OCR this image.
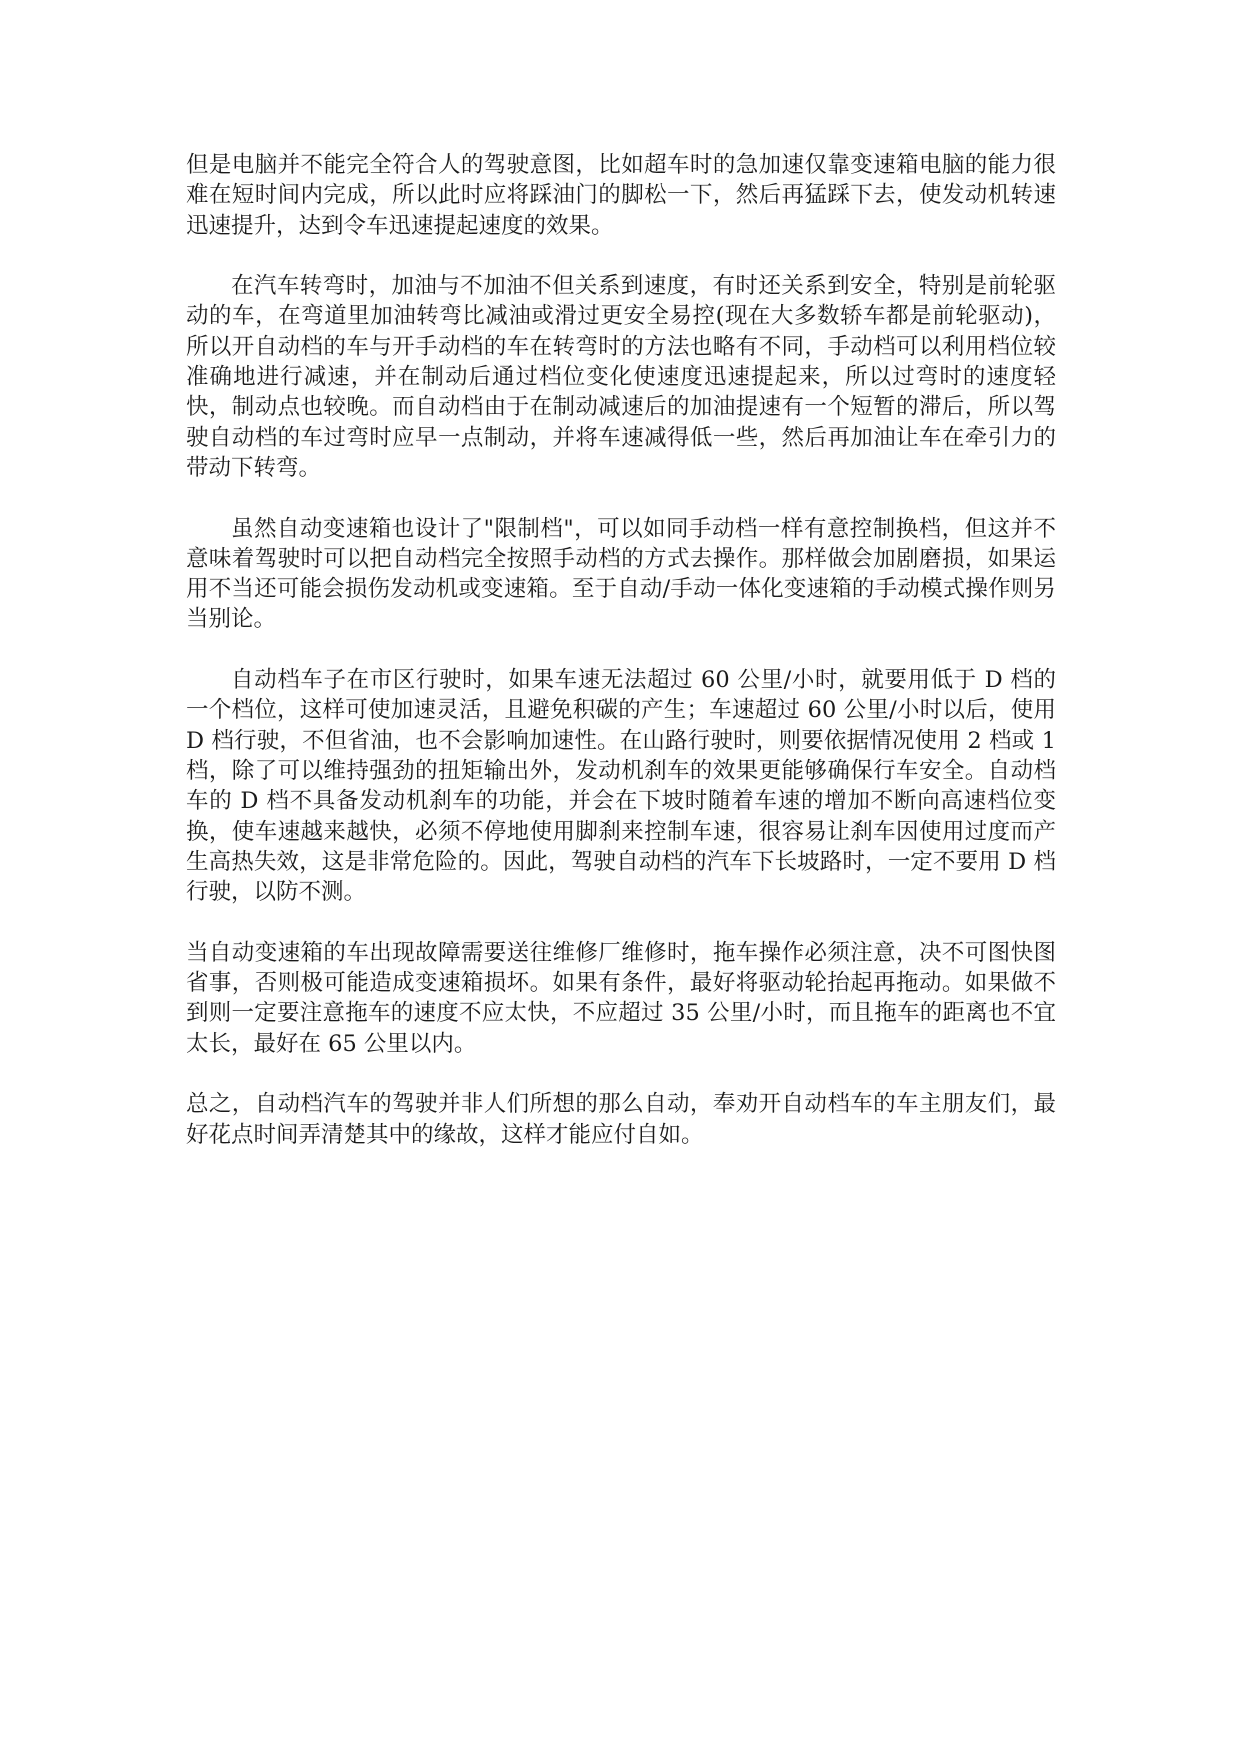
但是电脑并不能完全符合人的驾驶意图，比如超车时的急加速仅靠变速箱电脑的能力很难在短时间内完成，所以此时应将踩油门的脚松一下，然后再猛踩下去，使发动机转速迅速提升，达到令车迅速提起速度的效果。

在汽车转弯时，加油与不加油不但关系到速度，有时还关系到安全，特别是前轮驱动的车，在弯道里加油转弯比减油或滑过更安全易控(现在大多数轿车都是前轮驱动)，所以开自动档的车与开手动档的车在转弯时的方法也略有不同，手动档可以利用档位较准确地进行减速，并在制动后通过档位变化使速度迅速提起来，所以过弯时的速度轻快，制动点也较晚。而自动档由于在制动减速后的加油提速有一个短暂的滞后，所以驾驶自动档的车过弯时应早一点制动，并将车速减得低一些，然后再加油让车在牵引力的带动下转弯。

虽然自动变速箱也设计了"限制档"，可以如同手动档一样有意控制换档，但这并不意味着驾驶时可以把自动档完全按照手动档的方式去操作。那样做会加剧磨损，如果运用不当还可能会损伤发动机或变速箱。至于自动/手动一体化变速箱的手动模式操作则另当别论。

自动档车子在市区行驶时，如果车速无法超过 60 公里/小时，就要用低于 D 档的一个档位，这样可使加速灵活，且避免积碳的产生；车速超过 60 公里/小时以后，使用 D 档行驶，不但省油，也不会影响加速性。在山路行驶时，则要依据情况使用 2 档或 1 档，除了可以维持强劲的扭矩输出外，发动机刹车的效果更能够确保行车安全。自动档车的 D 档不具备发动机刹车的功能，并会在下坡时随着车速的增加不断向高速档位变换，使车速越来越快，必须不停地使用脚刹来控制车速，很容易让刹车因使用过度而产生高热失效，这是非常危险的。因此，驾驶自动档的汽车下长坡路时，一定不要用 D 档行驶，以防不测。

当自动变速箱的车出现故障需要送往维修厂维修时，拖车操作必须注意，决不可图快图省事，否则极可能造成变速箱损坏。如果有条件，最好将驱动轮抬起再拖动。如果做不到则一定要注意拖车的速度不应太快，不应超过 35 公里/小时，而且拖车的距离也不宜太长，最好在 65 公里以内。

总之，自动档汽车的驾驶并非人们所想的那么自动，奉劝开自动档车的车主朋友们，最好花点时间弄清楚其中的缘故，这样才能应付自如。
